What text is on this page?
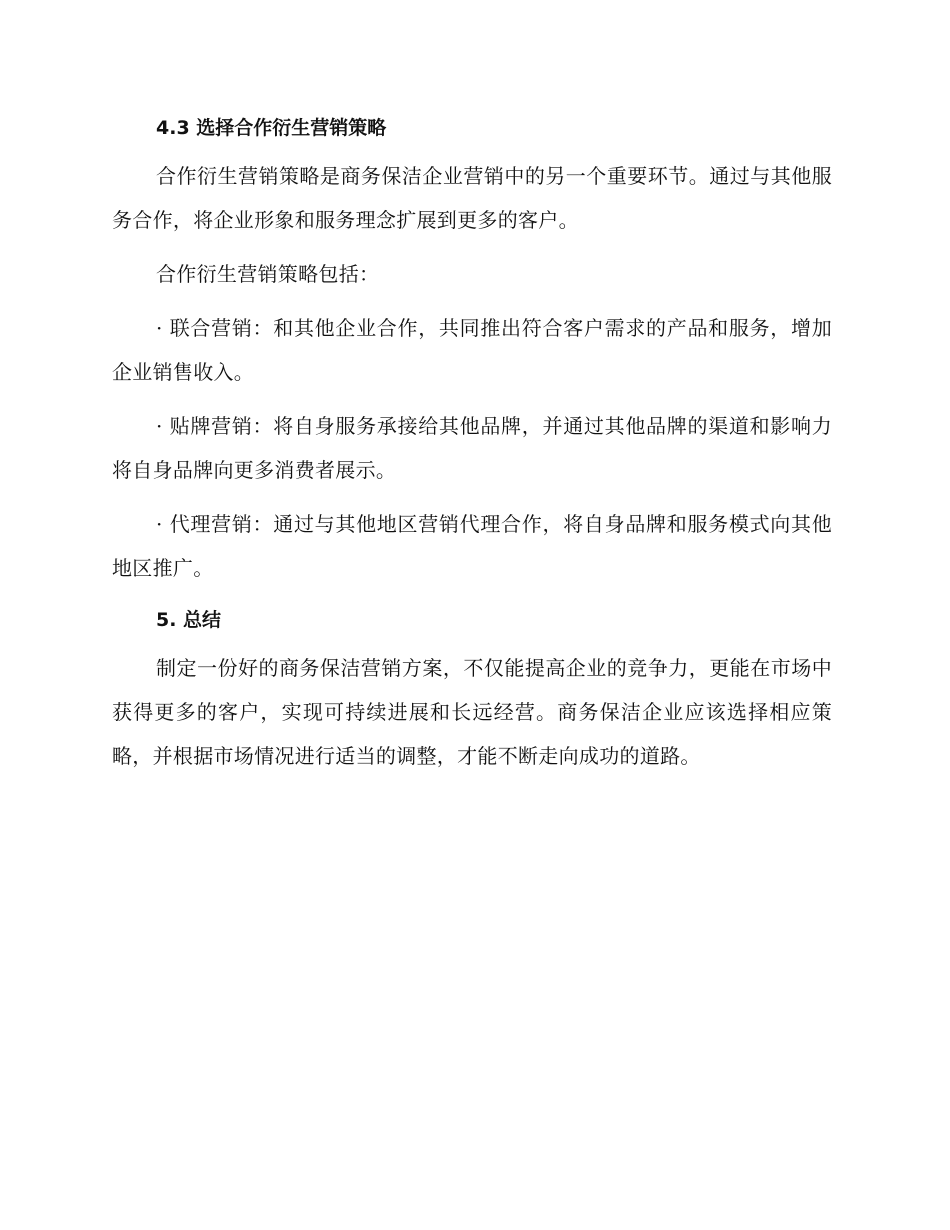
4.3 选择合作衍生营销策略

合作衍生营销策略是商务保洁企业营销中的另一个重要环节。通过与其他服务合作，将企业形象和服务理念扩展到更多的客户。

合作衍生营销策略包括：

· 联合营销：和其他企业合作，共同推出符合客户需求的产品和服务，增加企业销售收入。

· 贴牌营销：将自身服务承接给其他品牌，并通过其他品牌的渠道和影响力将自身品牌向更多消费者展示。

· 代理营销：通过与其他地区营销代理合作，将自身品牌和服务模式向其他地区推广。

5. 总结

制定一份好的商务保洁营销方案，不仅能提高企业的竞争力，更能在市场中获得更多的客户，实现可持续进展和长远经营。商务保洁企业应该选择相应策略，并根据市场情况进行适当的调整，才能不断走向成功的道路。
